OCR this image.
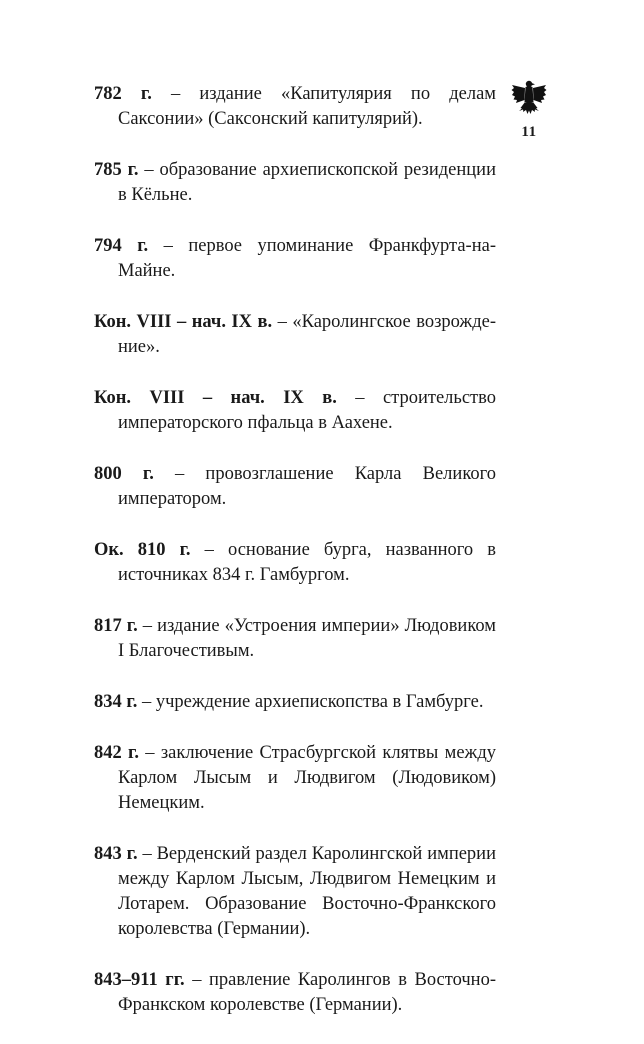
11

782 г. – издание «Капитулярия по делам Саксонии» (Саксонский капитулярий).

785 г. – образование архиепископской резиденции в Кёльне.

794 г. – первое упоминание Франкфурта-на-Майне.

Кон. VIII – нач. IX в. – «Каролингское возрождение».

Кон. VIII – нач. IX в. – строительство императорского пфальца в Аахене.

800 г. – провозглашение Карла Великого императором.

Ок. 810 г. – основание бурга, названного в источниках 834 г. Гамбургом.

817 г. – издание «Устроения империи» Людовиком I Благочестивым.

834 г. – учреждение архиепископства в Гамбурге.

842 г. – заключение Страсбургской клятвы между Карлом Лысым и Людвигом (Людовиком) Немецким.

843 г. – Верденский раздел Каролингской империи между Карлом Лысым, Людвигом Немецким и Лотарем. Образование Восточно-Франкского королевства (Германии).

843–911 гг. – правление Каролингов в Восточно-Франкском королевстве (Германии).
